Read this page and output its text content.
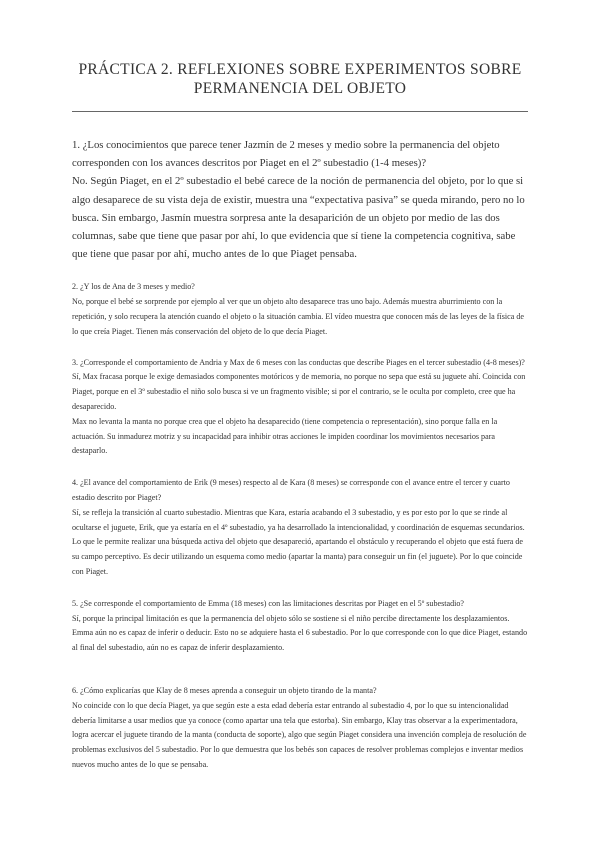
PRÁCTICA 2. REFLEXIONES SOBRE EXPERIMENTOS SOBRE
PERMANENCIA DEL OBJETO

1. ¿Los conocimientos que parece tener Jazmín de 2 meses y medio sobre la permanencia del objeto corresponden con los avances descritos por Piaget en el 2º subestadio (1-4 meses)?

No. Según Piaget, en el 2º subestadio el bebé carece de la noción de permanencia del objeto, por lo que si algo desaparece de su vista deja de existir, muestra una “expectativa pasiva” se queda mirando, pero no lo busca. Sin embargo, Jasmín muestra sorpresa ante la desaparición de un objeto por medio de las dos columnas, sabe que tiene que pasar por ahí, lo que evidencia que sí tiene la competencia cognitiva, sabe que tiene que pasar por ahí, mucho antes de lo que Piaget pensaba.

2. ¿Y los de Ana de 3 meses y medio?

No, porque el bebé se sorprende por ejemplo al ver que un objeto alto desaparece tras uno bajo. Además muestra aburrimiento con la repetición, y solo recupera la atención cuando el objeto o la situación cambia. El vídeo muestra que conocen más de las leyes de la física de lo que creía Piaget. Tienen más conservación del objeto de lo que decía Piaget.

3. ¿Corresponde el comportamiento de Andria y Max de 6 meses con las conductas que describe Piages en el tercer subestadio (4-8 meses)?

Sí, Max fracasa porque le exige demasiados componentes motóricos y de memoria, no porque no sepa que está su juguete ahí. Coincida con Piaget, porque en el 3º subestadio el niño solo busca si ve un fragmento visible; si por el contrario, se le oculta por completo, cree que ha desaparecido.

Max no levanta la manta no porque crea que el objeto ha desaparecido (tiene competencia o representación), sino porque falla en la actuación. Su inmadurez motriz y su incapacidad para inhibir otras acciones le impiden coordinar los movimientos necesarios para destaparlo.

4. ¿El avance del comportamiento de Erik (9 meses) respecto al de Kara (8 meses) se corresponde con el avance entre el tercer y cuarto estadio descrito por Piaget?

Sí, se refleja la transición al cuarto subestadio. Mientras que Kara, estaría acabando el 3 subestadio, y es por esto por lo que se rinde al ocultarse el juguete, Erik, que ya estaría en el 4º subestadio, ya ha desarrollado la intencionalidad, y coordinación de esquemas secundarios. Lo que le permite realizar una búsqueda activa del objeto que desapareció, apartando el obstáculo y recuperando el objeto que está fuera de su campo perceptivo. Es decir utilizando un esquema como medio (apartar la manta) para conseguir un fin (el juguete). Por lo que coincide con Piaget.

5. ¿Se corresponde el comportamiento de Emma (18 meses) con las limitaciones descritas por Piaget en el 5º subestadio?

Sí, porque la principal limitación es que la permanencia del objeto sólo se sostiene si el niño percibe directamente los desplazamientos. Emma aún no es capaz de inferir o deducir. Esto no se adquiere hasta el 6 subestadio. Por lo que corresponde con lo que dice Piaget, estando al final del subestadio, aún no es capaz de inferir desplazamiento.

6. ¿Cómo explicarías que Klay de 8 meses aprenda a conseguir un objeto tirando de la manta?

No coincide con lo que decía Piaget, ya que según este a esta edad debería estar entrando al subestadio 4, por lo que su intencionalidad debería limitarse a usar medios que ya conoce (como apartar una tela que estorba). Sin embargo, Klay tras observar a la experimentadora, logra acercar el juguete tirando de la manta (conducta de soporte), algo que según Piaget considera una invención compleja de resolución de problemas exclusivos del 5 subestadio. Por lo que demuestra que los bebés son capaces de resolver problemas complejos e inventar medios nuevos mucho antes de lo que se pensaba.
